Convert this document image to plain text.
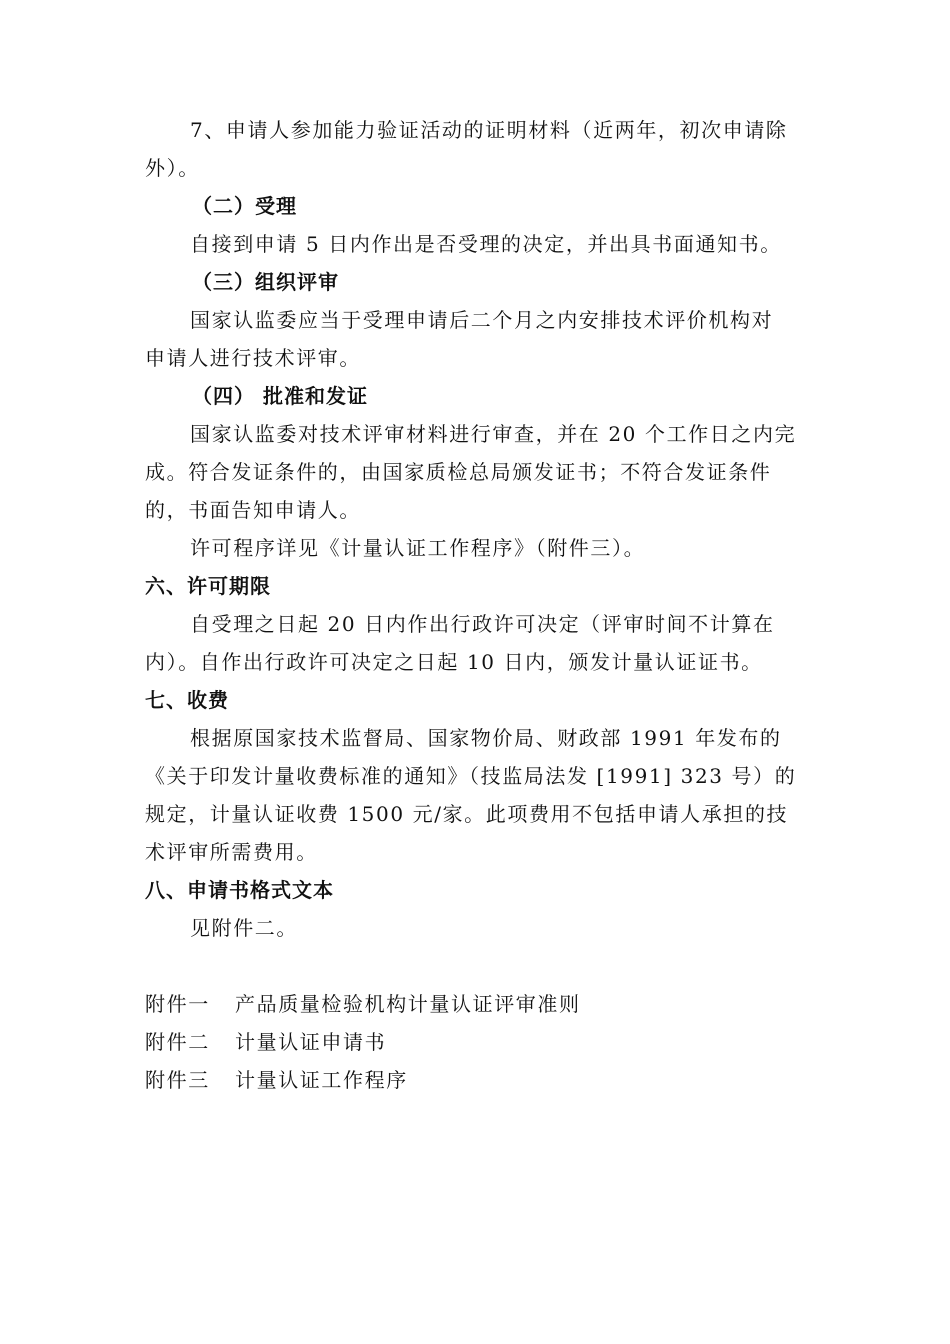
7、申请人参加能力验证活动的证明材料（近两年，初次申请除
外）。
（二）受理
自接到申请 5 日内作出是否受理的决定，并出具书面通知书。
（三）组织评审
国家认监委应当于受理申请后二个月之内安排技术评价机构对
申请人进行技术评审。
（四） 批准和发证
国家认监委对技术评审材料进行审查，并在 20 个工作日之内完
成。符合发证条件的，由国家质检总局颁发证书；不符合发证条件
的，书面告知申请人。
许可程序详见《计量认证工作程序》（附件三）。
六、许可期限
自受理之日起 20 日内作出行政许可决定（评审时间不计算在
内）。自作出行政许可决定之日起 10 日内，颁发计量认证证书。
七、收费
根据原国家技术监督局、国家物价局、财政部 1991 年发布的
《关于印发计量收费标准的通知》（技监局法发 [1991] 323 号）的
规定，计量认证收费 1500 元/家。此项费用不包括申请人承担的技
术评审所需费用。
八、申请书格式文本
见附件二。
附件一 产品质量检验机构计量认证评审准则
附件二 计量认证申请书
附件三 计量认证工作程序
